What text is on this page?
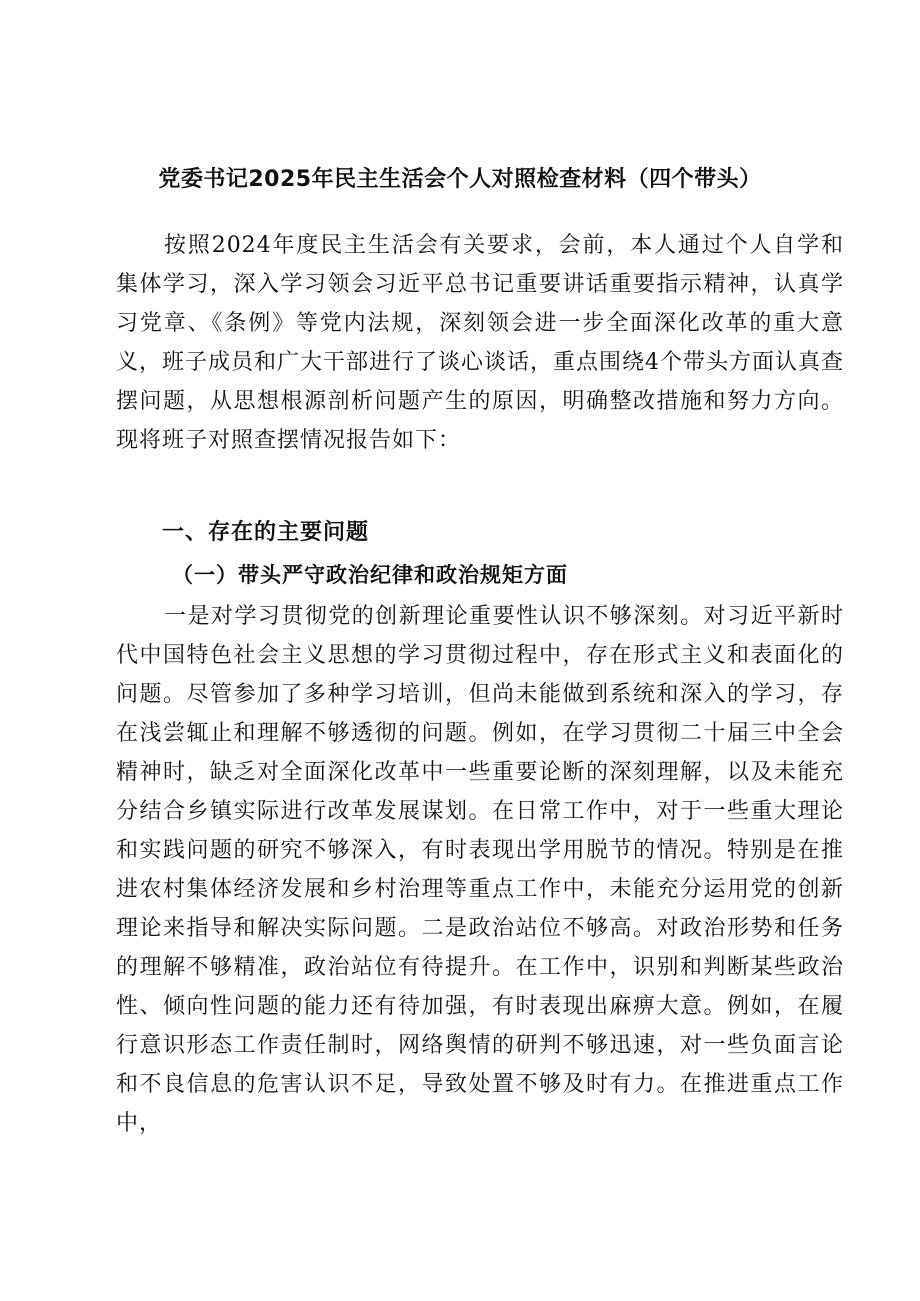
党委书记2025年民主生活会个人对照检查材料（四个带头）

按照2024年度民主生活会有关要求，会前，本人通过个人自学和集体学习，深入学习领会习近平总书记重要讲话重要指示精神，认真学习党章、《条例》等党内法规，深刻领会进一步全面深化改革的重大意义，班子成员和广大干部进行了谈心谈话，重点围绕4个带头方面认真查摆问题，从思想根源剖析问题产生的原因，明确整改措施和努力方向。现将班子对照查摆情况报告如下：

一、存在的主要问题
（一）带头严守政治纪律和政治规矩方面

一是对学习贯彻党的创新理论重要性认识不够深刻。对习近平新时代中国特色社会主义思想的学习贯彻过程中，存在形式主义和表面化的问题。尽管参加了多种学习培训，但尚未能做到系统和深入的学习，存在浅尝辄止和理解不够透彻的问题。例如，在学习贯彻二十届三中全会精神时，缺乏对全面深化改革中一些重要论断的深刻理解，以及未能充分结合乡镇实际进行改革发展谋划。在日常工作中，对于一些重大理论和实践问题的研究不够深入，有时表现出学用脱节的情况。特别是在推进农村集体经济发展和乡村治理等重点工作中，未能充分运用党的创新理论来指导和解决实际问题。二是政治站位不够高。对政治形势和任务的理解不够精准，政治站位有待提升。在工作中，识别和判断某些政治性、倾向性问题的能力还有待加强，有时表现出麻痹大意。例如，在履行意识形态工作责任制时，网络舆情的研判不够迅速，对一些负面言论和不良信息的危害认识不足，导致处置不够及时有力。在推进重点工作中，
